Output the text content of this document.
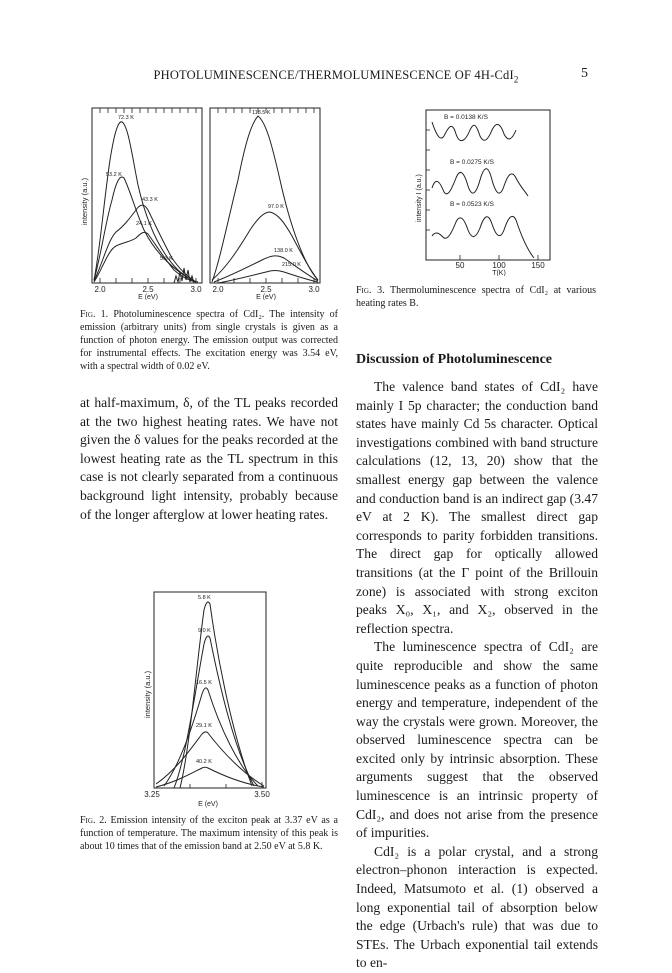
PHOTOLUMINESCENCE/THERMOLUMINESCENCE OF 4H-CdI$_2$	5
intensity (a.u.)
72.3 K
53.2 K
43.3 K
24.1 K
5.3 K
118.5 K
97.0 K
138.0 K
215.0 K
2.0	2.5	3.0 2.0	2.5	3.0
E (eV)	E (eV)
Fig. 1. Photoluminescence spectra of CdI₂. The intensity of emission (arbitrary units) from single crystals is given as a function of photon energy. The emission output was corrected for instrumental effects. The excitation energy was 3.54 eV, with a spectral width of 0.02 eV.
at half-maximum, δ, of the TL peaks recorded at the two highest heating rates. We have not given the δ values for the peaks recorded at the lowest heating rate as the TL spectrum in this case is not clearly separated from a continuous background light intensity, probably because of the longer afterglow at lower heating rates.
intensity (a.u.)
5.8 K
9.0 K
16.5 K
29.1 K
40.2 K
3.25	3.50
E (eV)
Fig. 2. Emission intensity of the exciton peak at 3.37 eV as a function of temperature. The maximum intensity of this peak is about 10 times that of the emission band at 2.50 eV at 5.8 K.
intensity I (a.u.)
B = 0.0138 K/S
B = 0.0275 K/S
B = 0.0523 K/S
50	100	150
T(K)
Fig. 3. Thermoluminescence spectra of CdI₂ at various heating rates B.
Discussion of Photoluminescence
The valence band states of CdI₂ have mainly I 5p character; the conduction band states have mainly Cd 5s character. Optical investigations combined with band structure calculations (12, 13, 20) show that the smallest energy gap between the valence and conduction band is an indirect gap (3.47 eV at 2 K). The smallest direct gap corresponds to parity forbidden transitions. The direct gap for optically allowed transitions (at the Γ point of the Brillouin zone) is associated with strong exciton peaks X₀, X₁, and X₂, observed in the reflection spectra.
The luminescence spectra of CdI₂ are quite reproducible and show the same luminescence peaks as a function of photon energy and temperature, independent of the way the crystals were grown. Moreover, the observed luminescence spectra can be excited only by intrinsic absorption. These arguments suggest that the observed luminescence is an intrinsic property of CdI₂, and does not arise from the presence of impurities.
CdI₂ is a polar crystal, and a strong electron–phonon interaction is expected. Indeed, Matsumoto et al. (1) observed a long exponential tail of absorption below the edge (Urbach's rule) that was due to STEs. The Urbach exponential tail extends to en-
